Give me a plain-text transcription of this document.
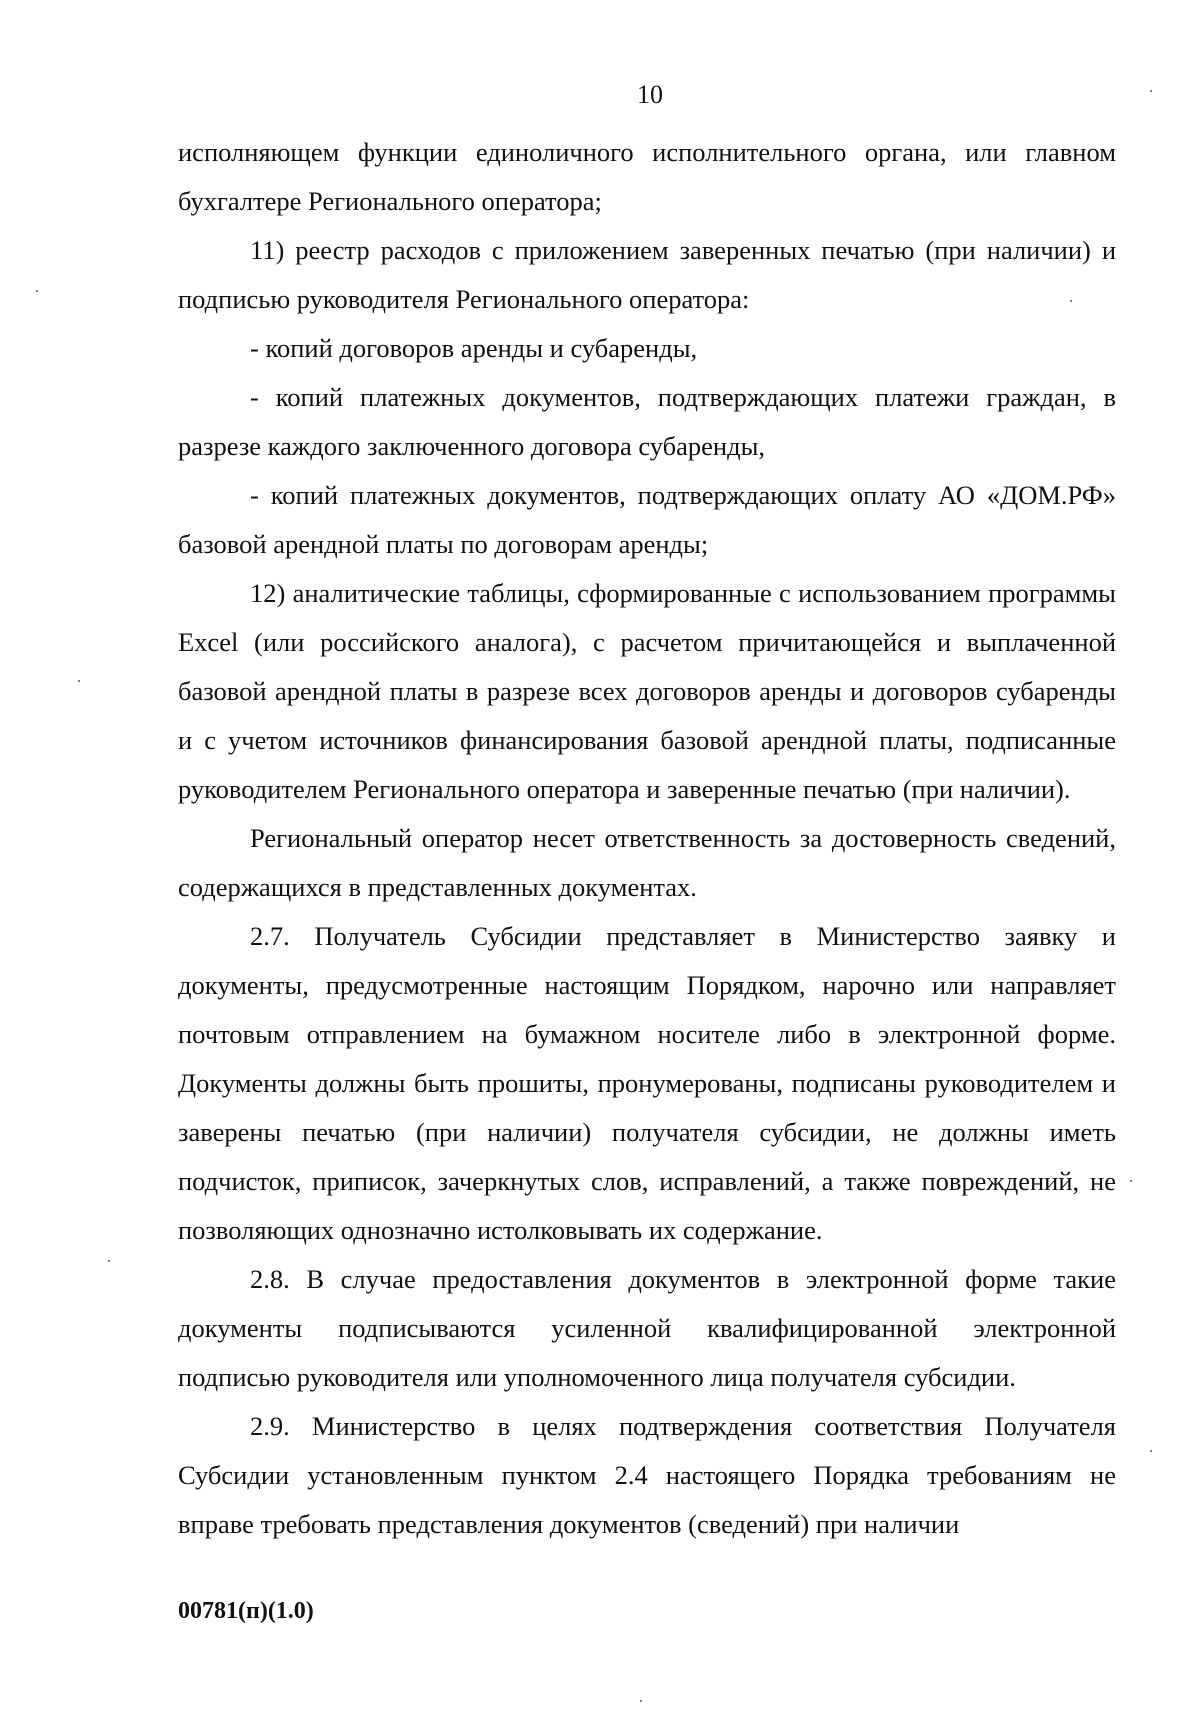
10

исполняющем функции единоличного исполнительного органа, или главном бухгалтере Регионального оператора;

11) реестр расходов с приложением заверенных печатью (при наличии) и подписью руководителя Регионального оператора:

- копий договоров аренды и субаренды,

- копий платежных документов, подтверждающих платежи граждан, в разрезе каждого заключенного договора субаренды,

- копий платежных документов, подтверждающих оплату АО «ДОМ.РФ» базовой арендной платы по договорам аренды;

12) аналитические таблицы, сформированные с использованием программы Excel (или российского аналога), с расчетом причитающейся и выплаченной базовой арендной платы в разрезе всех договоров аренды и договоров субаренды и с учетом источников финансирования базовой арендной платы, подписанные руководителем Регионального оператора и заверенные печатью (при наличии).

Региональный оператор несет ответственность за достоверность сведений, содержащихся в представленных документах.

2.7. Получатель Субсидии представляет в Министерство заявку и документы, предусмотренные настоящим Порядком, нарочно или направляет почтовым отправлением на бумажном носителе либо в электронной форме. Документы должны быть прошиты, пронумерованы, подписаны руководителем и заверены печатью (при наличии) получателя субсидии, не должны иметь подчисток, приписок, зачеркнутых слов, исправлений, а также повреждений, не позволяющих однозначно истолковывать их содержание.

2.8. В случае предоставления документов в электронной форме такие документы подписываются усиленной квалифицированной электронной подписью руководителя или уполномоченного лица получателя субсидии.

2.9. Министерство в целях подтверждения соответствия Получателя Субсидии установленным пунктом 2.4 настоящего Порядка требованиям не вправе требовать представления документов (сведений) при наличии

00781(п)(1.0)
